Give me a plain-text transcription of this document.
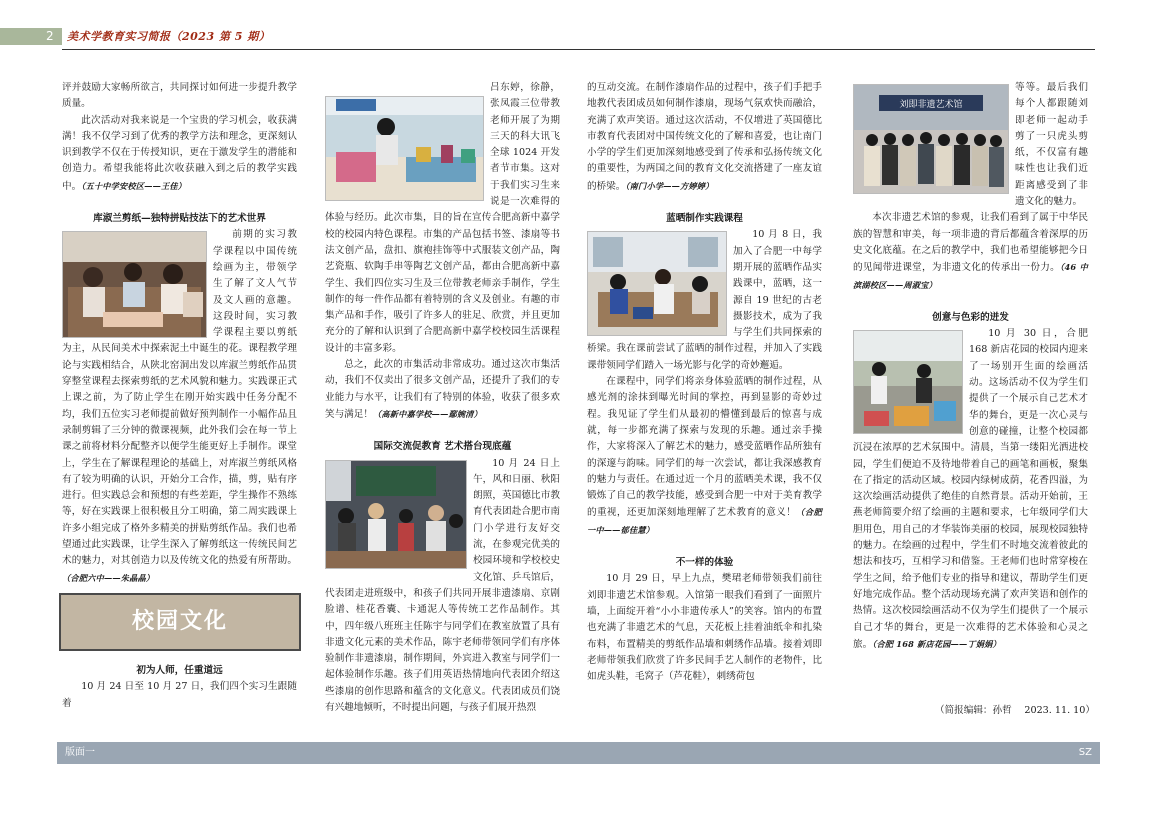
2 美术学教育实习简报（2023 第 5 期）

评并鼓励大家畅所欲言，共同探讨如何进一步提升教学质量。

此次活动对我来说是一个宝贵的学习机会，收获满满！我不仅学习到了优秀的教学方法和理念，更深刻认识到教学不仅在于传授知识，更在于激发学生的潜能和创造力。希望我能将此次收获融入到之后的教学实践中。（五十中学安校区——王佳）

库淑兰剪纸—独特拼贴技法下的艺术世界

前期的实习教学课程以中国传统绘画为主，带领学生了解了文人气节及文人画的意趣。这段时间，实习教学课程主要以剪纸为主，从民间美术中探索泥土中诞生的花。课程教学理论与实践相结合，从陕北窑洞出发以库淑兰剪纸作品贯穿整堂课程去探索剪纸的艺术风貌和魅力。实践课正式上课之前，为了防止学生在刚开始实践中任务分配不均，我们五位实习老师提前做好预判制作一小幅作品且录制剪辑了三分钟的微课视频，此外我们会在每一节上课之前将材料分配整齐以便学生能更好上手制作。课堂上，学生在了解课程理论的基础上，对库淑兰剪纸风格有了较为明确的认识，开始分工合作，描，剪，贴有序进行。但实践总会和预想的有些差距，学生操作不熟练等，好在实践课上很积极且分工明确，第二周实践课上许多小组完成了格外多精美的拼贴剪纸作品。我们也希望通过此实践课，让学生深入了解剪纸这一传统民间艺术的魅力，对其创造力以及传统文化的热爱有所帮助。（合肥六中——朱晶晶）

校园文化
初为人师，任重道远

10 月 24 日至 10 月 27 日，我们四个实习生跟随着

吕东婷，徐静，张凤霞三位带教老师开展了为期三天的科大讯飞全球 1024 开发者节市集。这对于我们实习生来说是一次难得的体验与经历。此次市集，目的旨在宣传合肥高新中嘉学校的校园内特色课程。市集的产品包括书签、漆扇等书法文创产品，盘扣、旗袍挂饰等中式服装文创产品，陶艺瓷瓶、软陶手串等陶艺文创产品，都由合肥高新中嘉学生、我们四位实习生及三位带教老师亲手制作，学生制作的每一件作品都有着特别的含义及创业。有趣的市集产品和手作，吸引了许多人的驻足、欣赏，并且更加充分的了解和认识到了合肥高新中嘉学校校园生活课程设计的丰富多彩。

总之，此次的市集活动非常成功。通过这次市集活动，我们不仅卖出了很多文创产品，还提升了我们的专业能力与水平，让我们有了特别的体验，收获了很多欢笑与满足！（高新中嘉学校——鄢婉清）

国际交流促教育 艺术搭台现底蕴

10 月 24 日上午，风和日丽、秋阳朗照，英国德比市教育代表团赴合肥市南门小学进行友好交流，在参观完优美的校园环境和学校校史文化馆、乒乓馆后，代表团走进班级中，和孩子们共同开展非遗漆扇、京剧脸谱、桂花香囊、卡通泥人等传统工艺作品制作。其中，四年级八班班主任陈宇与同学们在教室放置了具有非遗文化元素的美术作品，陈宇老师带领同学们有序体验制作非遗漆扇，制作期间，外宾进入教室与同学们一起体验制作乐趣。孩子们用英语热情地向代表团介绍这些漆扇的创作思路和蕴含的文化意义。代表团成员们饶有兴趣地倾听，不时提出问题，与孩子们展开热烈

的互动交流。在制作漆扇作品的过程中，孩子们手把手地教代表团成员如何制作漆扇，现场气氛欢快而融洽，充满了欢声笑语。通过这次活动，不仅增进了英国德比市教育代表团对中国传统文化的了解和喜爱，也让南门小学的学生们更加深刻地感受到了传承和弘扬传统文化的重要性，为两国之间的教育文化交流搭建了一座友谊的桥梁。（南门小学——方婷婷）

蓝晒制作实践课程

10 月 8 日，我加入了合肥一中每学期开展的蓝晒作品实践课中，蓝晒，这一源自 19 世纪的古老摄影技术，成为了我与学生们共同探索的桥梁。我在课前尝试了蓝晒的制作过程，并加入了实践课带领同学们踏入一场光影与化学的奇妙邂逅。

在课程中，同学们将亲身体验蓝晒的制作过程，从感光剂的涂抹到曝光时间的掌控，再到显影的奇妙过程。我见证了学生们从最初的懵懂到最后的惊喜与成就，每一步都充满了探索与发现的乐趣。通过亲手操作，大家将深入了解艺术的魅力，感受蓝晒作品所独有的深邃与韵味。同学们的每一次尝试，都让我深感教育的魅力与责任。在通过近一个月的蓝晒美术课，我不仅锻炼了自己的教学技能，感受到合肥一中对于美育教学的重视，还更加深刻地理解了艺术教育的意义！（合肥一中——郁佳慧）

不一样的体验

10 月 29 日，早上九点，樊珺老师带领我们前往刘即非遗艺术馆参观。入馆第一眼我们看到了一面照片墙，上面绽开着“小小非遗传承人”的笑容。馆内的布置也充满了非遗艺术的气息，天花板上挂着油纸伞和扎染布料，布置精美的剪纸作品墙和刺绣作品墙。接着刘即老师带领我们欣赏了许多民间手艺人制作的老物件，比如虎头鞋，毛窝子（芦花鞋），刺绣荷包

刘即非遗艺术馆
等等。最后我们每个人都跟随刘即老师一起动手剪了一只虎头剪纸，不仅富有趣味性也让我们近距离感受到了非遗文化的魅力。

本次非遗艺术馆的参观，让我们看到了属于中华民族的智慧和审美，每一项非遗的背后都蕴含着深厚的历史文化底蕴。在之后的教学中，我们也希望能够把今日的见闻带进课堂，为非遗文化的传承出一份力。（46 中滨湖校区——周淑宝）

创意与色彩的迸发

10 月 30 日，合肥 168 新店花园的校园内迎来了一场别开生面的绘画活动。这场活动不仅为学生们提供了一个展示自己艺术才华的舞台，更是一次心灵与创意的碰撞，让整个校园都沉浸在浓厚的艺术氛围中。清晨，当第一缕阳光洒进校园，学生们便迫不及待地带着自己的画笔和画板，聚集在了指定的活动区域。校园内绿树成荫，花香四溢，为这次绘画活动提供了绝佳的自然背景。活动开始前，王燕老师简要介绍了绘画的主题和要求，七年级同学们大胆用色，用自己的才华装饰美丽的校园，展现校园独特的魅力。在绘画的过程中，学生们不时地交流着彼此的想法和技巧，互相学习和借鉴。王老师们也时常穿梭在学生之间，给予他们专业的指导和建议，帮助学生们更好地完成作品。整个活动现场充满了欢声笑语和创作的热情。这次校园绘画活动不仅为学生们提供了一个展示自己才华的舞台，更是一次难得的艺术体验和心灵之旅。（合肥 168 新店花园——丁娟娟）

（简报编辑：孙哲　 2023. 11. 10）
版面一	SZ
